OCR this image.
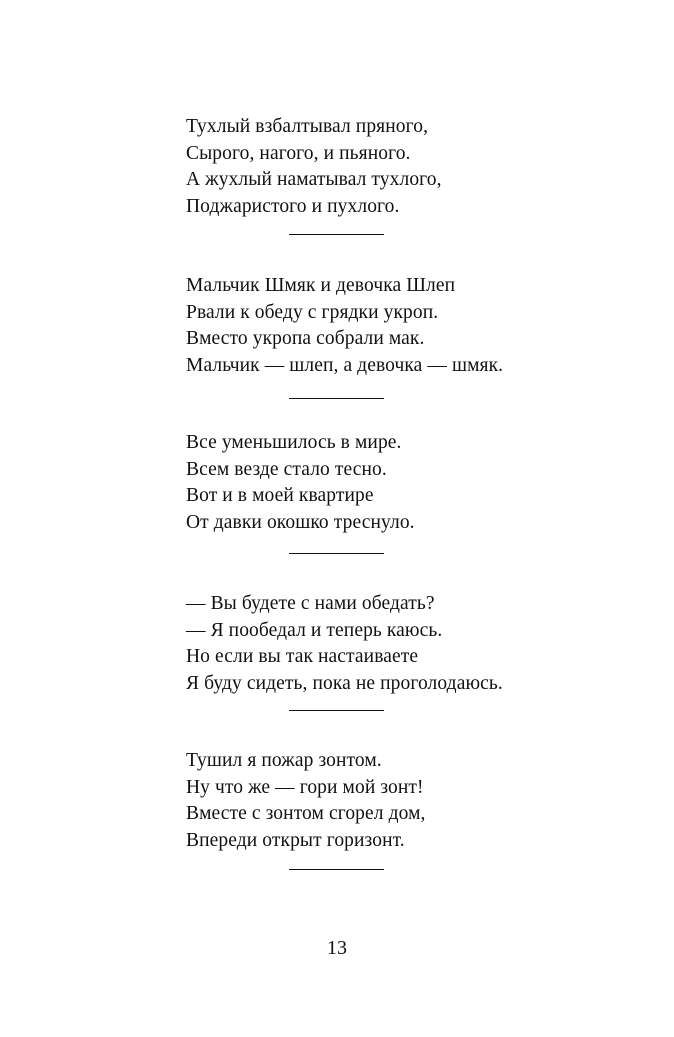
Тухлый взбалтывал пряного,
Сырого, нагого, и пьяного.
А жухлый наматывал тухлого,
Поджаристого и пухлого.
Мальчик Шмяк и девочка Шлеп
Рвали к обеду с грядки укроп.
Вместо укропа собрали мак.
Мальчик — шлеп, а девочка — шмяк.
Все уменьшилось в мире.
Всем везде стало тесно.
Вот и в моей квартире
От давки окошко треснуло.
— Вы будете с нами обедать?
— Я пообедал и теперь каюсь.
Но если вы так настаиваете
Я буду сидеть, пока не проголодаюсь.
Тушил я пожар зонтом.
Ну что же — гори мой зонт!
Вместе с зонтом сгорел дом,
Впереди открыт горизонт.
13
